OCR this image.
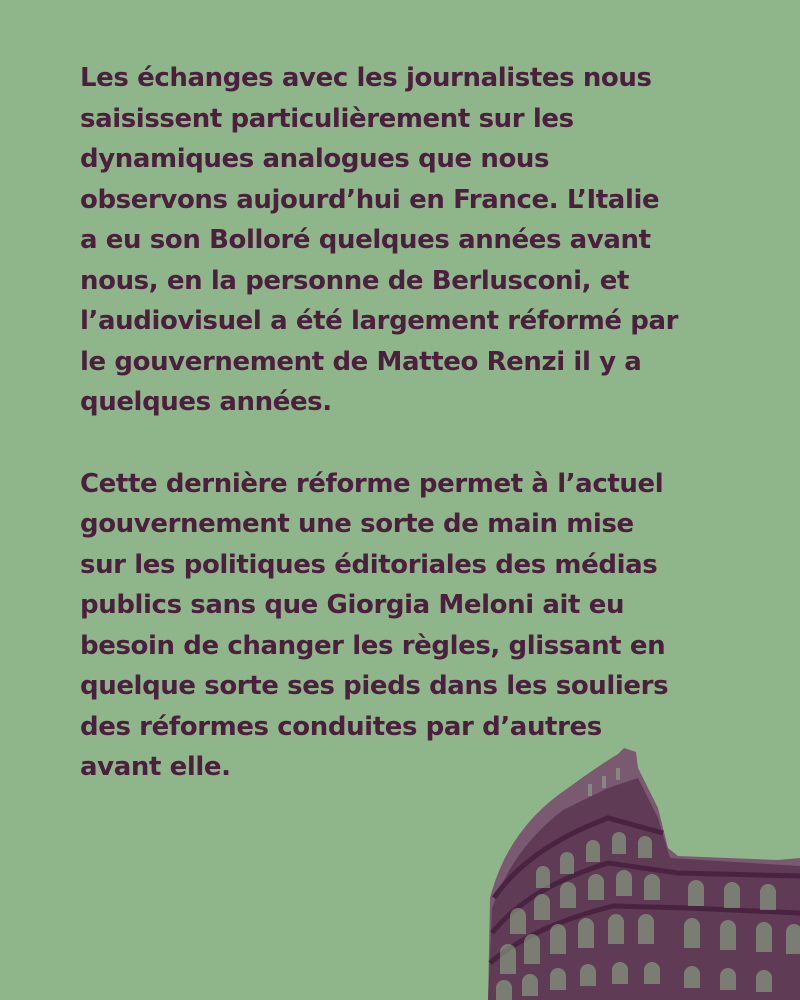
Les échanges avec les journalistes nous
saisissent particulièrement sur les
dynamiques analogues que nous
observons aujourd’hui en France. L’Italie
a eu son Bolloré quelques années avant
nous, en la personne de Berlusconi, et
l’audiovisuel a été largement réformé par
le gouvernement de Matteo Renzi il y a
quelques années.

Cette dernière réforme permet à l’actuel
gouvernement une sorte de main mise
sur les politiques éditoriales des médias
publics sans que Giorgia Meloni ait eu
besoin de changer les règles, glissant en
quelque sorte ses pieds dans les souliers
des réformes conduites par d’autres
avant elle.
